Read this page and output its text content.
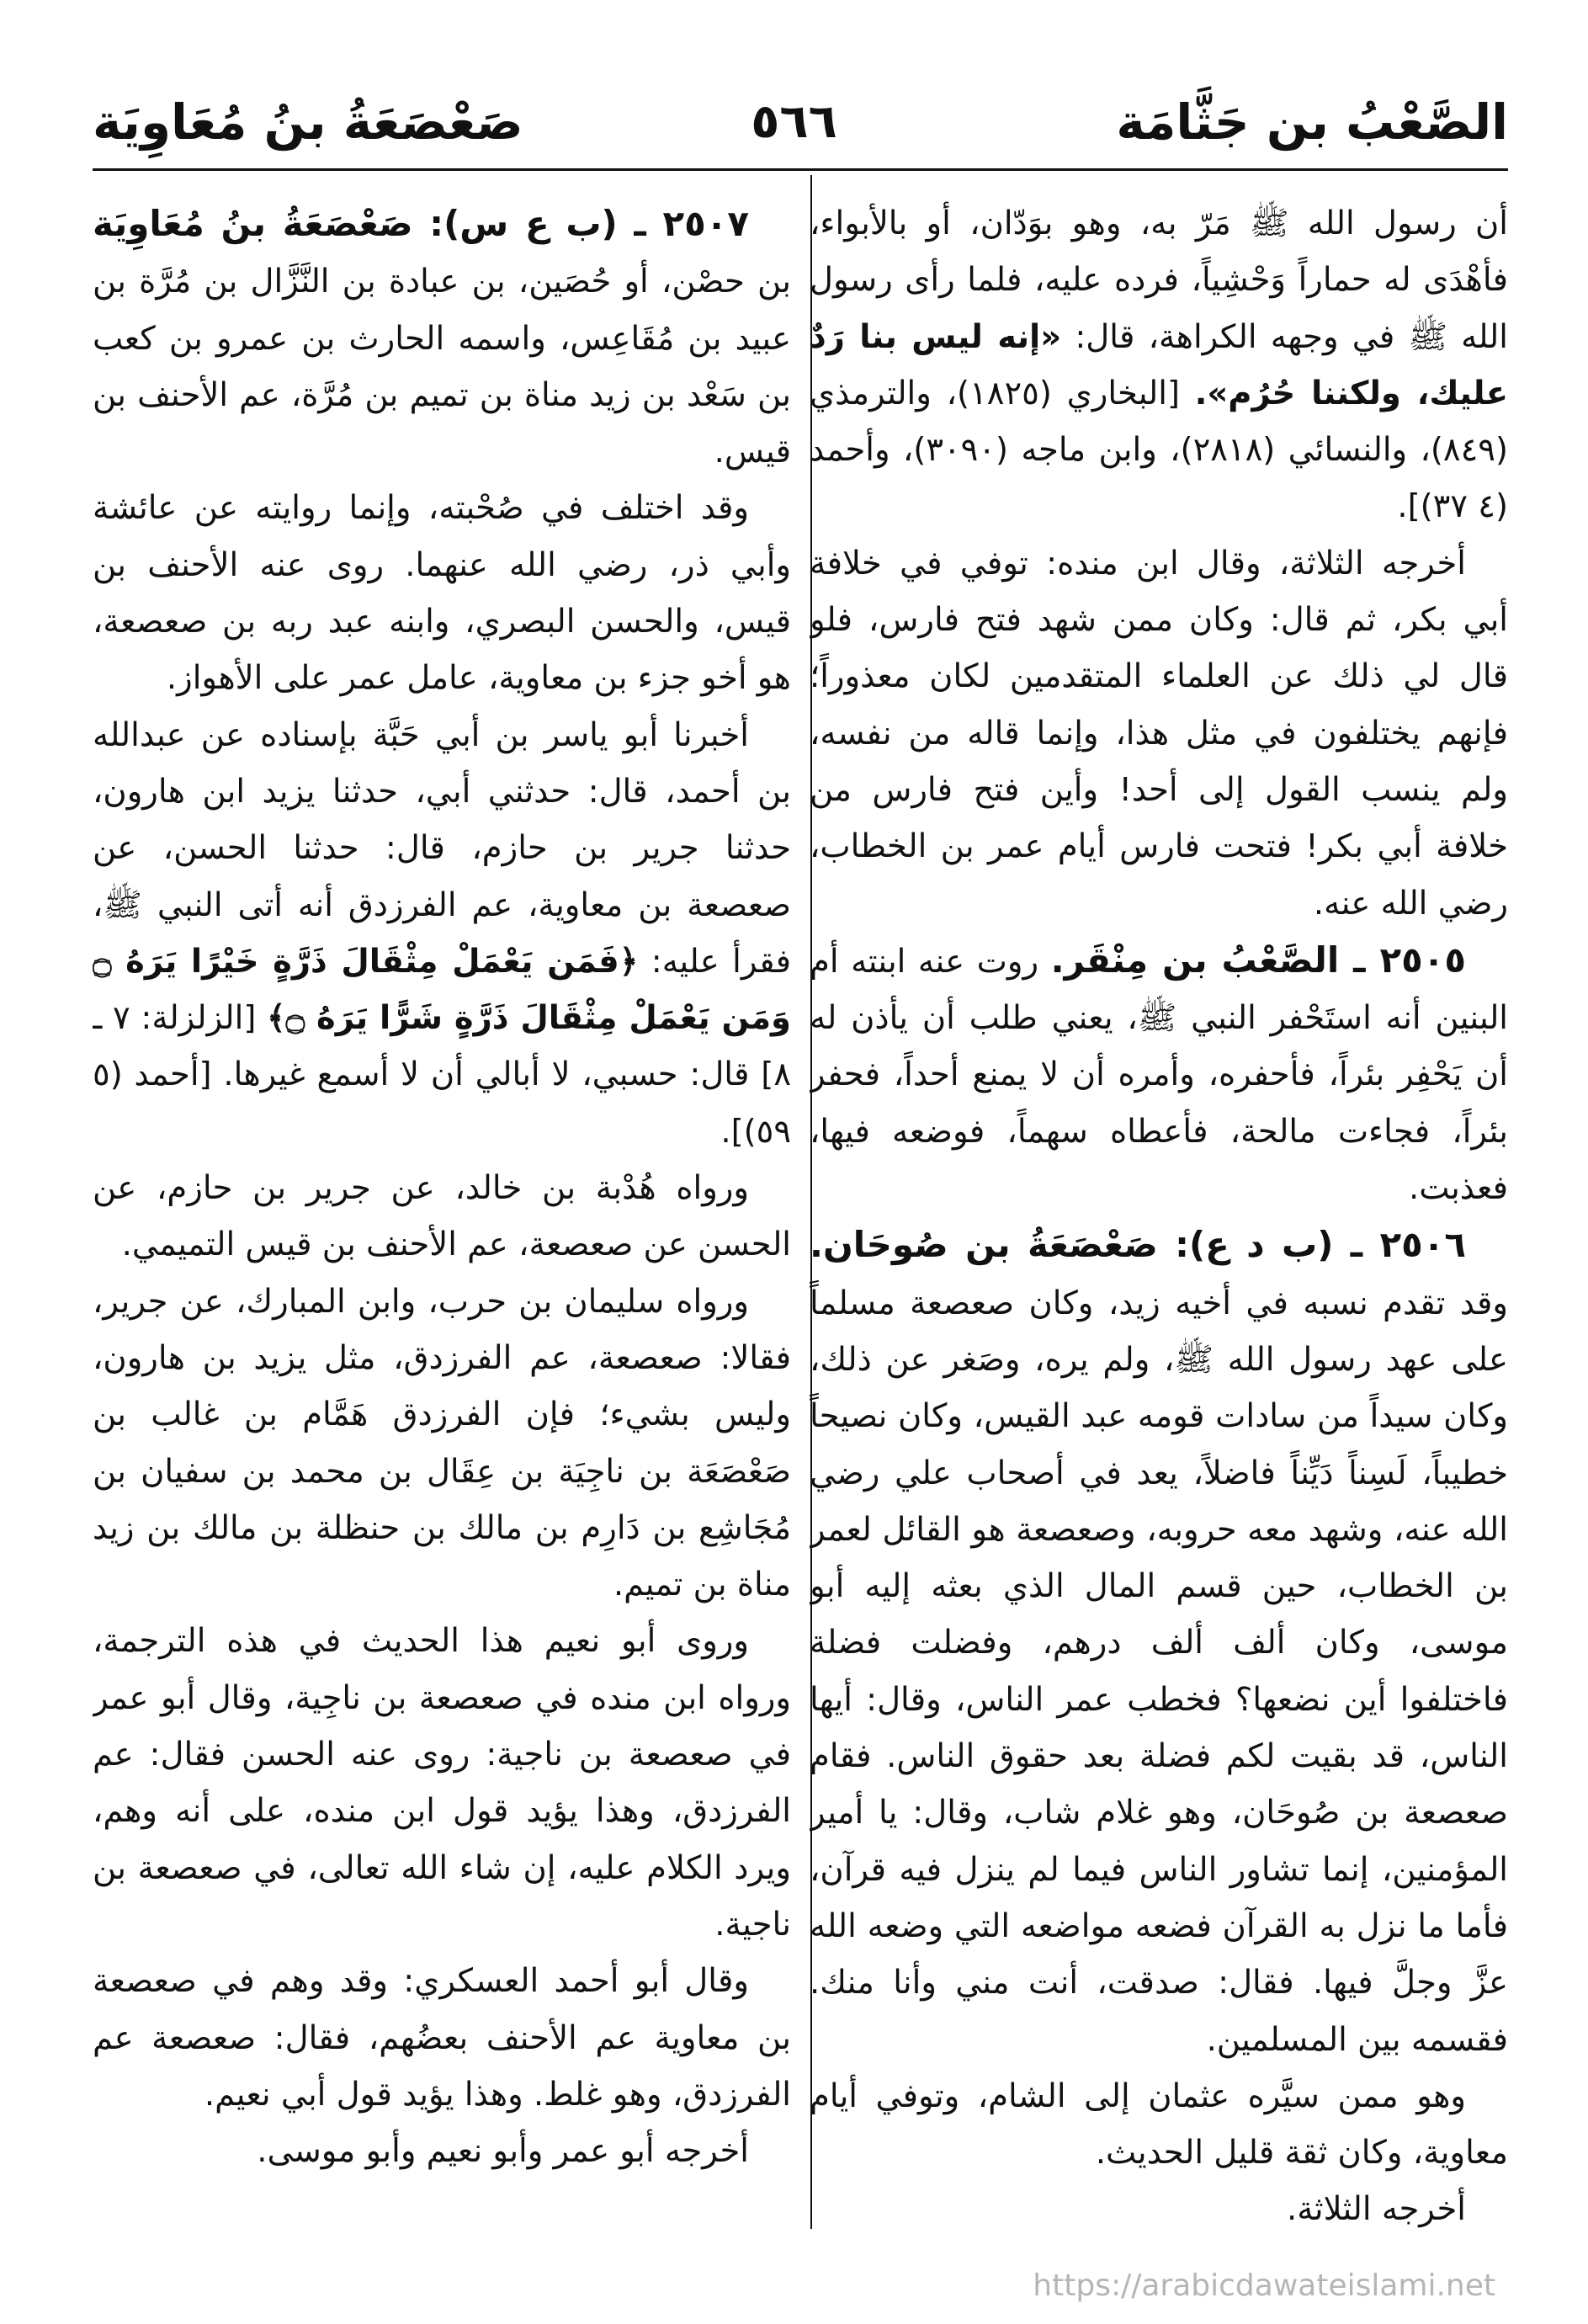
الصَّعْبُ بن جَثَّامَة
٥٦٦
صَعْصَعَةُ بنُ مُعَاوِيَة

أن رسول الله ﷺ مَرّ به، وهو بوَدّان، أو بالأبواء، فأهْدَى له حماراً وَحْشِياً، فرده عليه، فلما رأى رسول الله ﷺ في وجهه الكراهة، قال: «إنه ليس بنا رَدٌ عليك، ولكننا حُرُم». [البخاري (١٨٢٥)، والترمذي (٨٤٩)، والنسائي (٢٨١٨)، وابن ماجه (٣٠٩٠)، وأحمد (٤ ٣٧)].

أخرجه الثلاثة، وقال ابن منده: توفي في خلافة أبي بكر، ثم قال: وكان ممن شهد فتح فارس، فلو قال لي ذلك عن العلماء المتقدمين لكان معذوراً؛ فإنهم يختلفون في مثل هذا، وإنما قاله من نفسه، ولم ينسب القول إلى أحد! وأين فتح فارس من خلافة أبي بكر! فتحت فارس أيام عمر بن الخطاب، رضي الله عنه.

٢٥٠٥ ـ الصَّعْبُ بن مِنْقَر. روت عنه ابنته أم البنين أنه استَحْفر النبي ﷺ، يعني طلب أن يأذن له أن يَحْفِر بئراً، فأحفره، وأمره أن لا يمنع أحداً، فحفر بئراً، فجاءت مالحة، فأعطاه سهماً، فوضعه فيها، فعذبت.

٢٥٠٦ ـ (ب د ع): صَعْصَعَةُ بن صُوحَان. وقد تقدم نسبه في أخيه زيد، وكان صعصعة مسلماً على عهد رسول الله ﷺ، ولم يره، وصَغر عن ذلك، وكان سيداً من سادات قومه عبد القيس، وكان نصيحاً خطيباً، لَسِناً دَيِّناً فاضلاً، يعد في أصحاب علي رضي الله عنه، وشهد معه حروبه، وصعصعة هو القائل لعمر بن الخطاب، حين قسم المال الذي بعثه إليه أبو موسى، وكان ألف ألف درهم، وفضلت فضلة فاختلفوا أين نضعها؟ فخطب عمر الناس، وقال: أيها الناس، قد بقيت لكم فضلة بعد حقوق الناس. فقام صعصعة بن صُوحَان، وهو غلام شاب، وقال: يا أمير المؤمنين، إنما تشاور الناس فيما لم ينزل فيه قرآن، فأما ما نزل به القرآن فضعه مواضعه التي وضعه الله عزَّ وجلَّ فيها. فقال: صدقت، أنت مني وأنا منك. فقسمه بين المسلمين.

وهو ممن سيَّره عثمان إلى الشام، وتوفي أيام معاوية، وكان ثقة قليل الحديث.

أخرجه الثلاثة.

٢٥٠٧ ـ (ب ع س): صَعْصَعَةُ بنُ مُعَاوِيَة بن حصْن، أو حُصَين، بن عبادة بن النَّزَّال بن مُرَّة بن عبيد بن مُقَاعِس، واسمه الحارث بن عمرو بن كعب بن سَعْد بن زيد مناة بن تميم بن مُرَّة، عم الأحنف بن قيس.

وقد اختلف في صُحْبته، وإنما روايته عن عائشة وأبي ذر، رضي الله عنهما. روى عنه الأحنف بن قيس، والحسن البصري، وابنه عبد ربه بن صعصعة، هو أخو جزء بن معاوية، عامل عمر على الأهواز.

أخبرنا أبو ياسر بن أبي حَبَّة بإسناده عن عبدالله بن أحمد، قال: حدثني أبي، حدثنا يزيد ابن هارون، حدثنا جرير بن حازم، قال: حدثنا الحسن، عن صعصعة بن معاوية، عم الفرزدق أنه أتى النبي ﷺ، فقرأ عليه: ﴿فَمَن يَعْمَلْ مِثْقَالَ ذَرَّةٍ خَيْرًا يَرَهُ ۝ وَمَن يَعْمَلْ مِثْقَالَ ذَرَّةٍ شَرًّا يَرَهُ ۝﴾ [الزلزلة: ٧ ـ ٨] قال: حسبي، لا أبالي أن لا أسمع غيرها. [أحمد (٥ ٥٩)].

ورواه هُدْبة بن خالد، عن جرير بن حازم، عن الحسن عن صعصعة، عم الأحنف بن قيس التميمي.

ورواه سليمان بن حرب، وابن المبارك، عن جرير، فقالا: صعصعة، عم الفرزدق، مثل يزيد بن هارون، وليس بشيء؛ فإن الفرزدق هَمَّام بن غالب بن صَعْصَعَة بن ناجِيَة بن عِقَال بن محمد بن سفيان بن مُجَاشِع بن دَارِم بن مالك بن حنظلة بن مالك بن زيد مناة بن تميم.

وروى أبو نعيم هذا الحديث في هذه الترجمة، ورواه ابن منده في صعصعة بن ناجِية، وقال أبو عمر في صعصعة بن ناجية: روى عنه الحسن فقال: عم الفرزدق، وهذا يؤيد قول ابن منده، على أنه وهم، ويرد الكلام عليه، إن شاء الله تعالى، في صعصعة بن ناجية.

وقال أبو أحمد العسكري: وقد وهم في صعصعة بن معاوية عم الأحنف بعضُهم، فقال: صعصعة عم الفرزدق، وهو غلط. وهذا يؤيد قول أبي نعيم.

أخرجه أبو عمر وأبو نعيم وأبو موسى.

https://arabicdawateislami.net
